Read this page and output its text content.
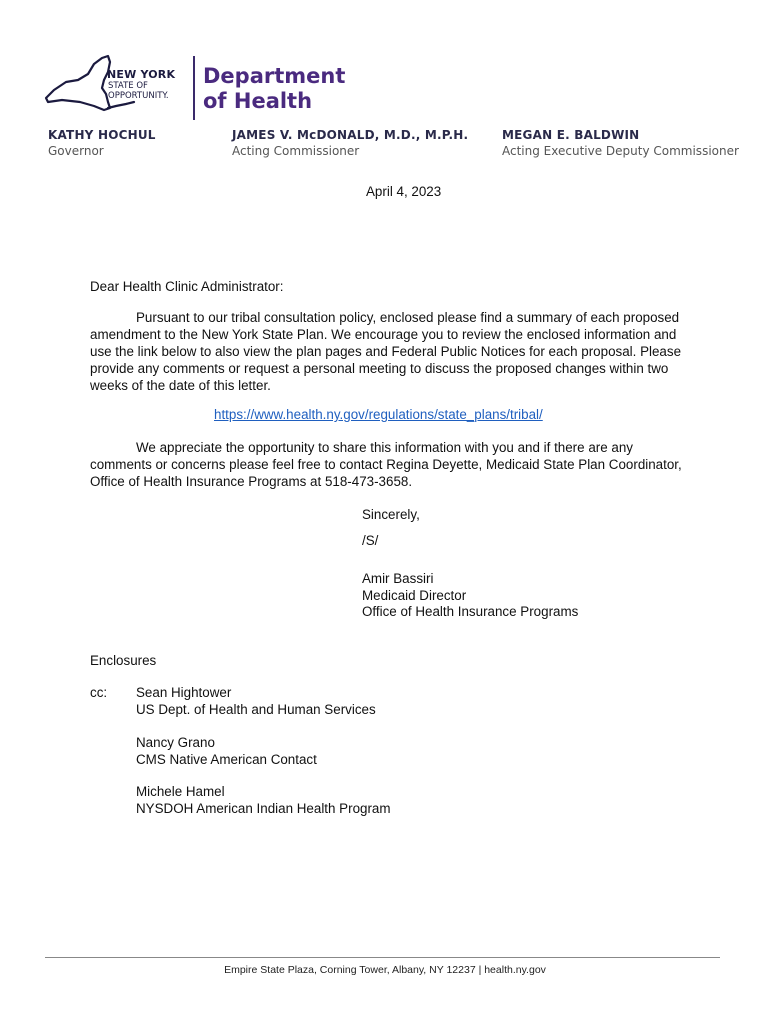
NEW YORK
STATE OF
OPPORTUNITY.
Department
of Health
KATHY HOCHUL
Governor
JAMES V. McDONALD, M.D., M.P.H.
Acting Commissioner
MEGAN E. BALDWIN
Acting Executive Deputy Commissioner
April 4, 2023
Dear Health Clinic Administrator:
Pursuant to our tribal consultation policy, enclosed please find a summary of each proposed amendment to the New York State Plan. We encourage you to review the enclosed information and use the link below to also view the plan pages and Federal Public Notices for each proposal. Please provide any comments or request a personal meeting to discuss the proposed changes within two weeks of the date of this letter.
https://www.health.ny.gov/regulations/state_plans/tribal/
We appreciate the opportunity to share this information with you and if there are any comments or concerns please feel free to contact Regina Deyette, Medicaid State Plan Coordinator, Office of Health Insurance Programs at 518-473-3658.
Sincerely,
/S/
Amir Bassiri
Medicaid Director
Office of Health Insurance Programs
Enclosures
cc: Sean Hightower
US Dept. of Health and Human Services
Nancy Grano
CMS Native American Contact
Michele Hamel
NYSDOH American Indian Health Program
Empire State Plaza, Corning Tower, Albany, NY 12237 | health.ny.gov
